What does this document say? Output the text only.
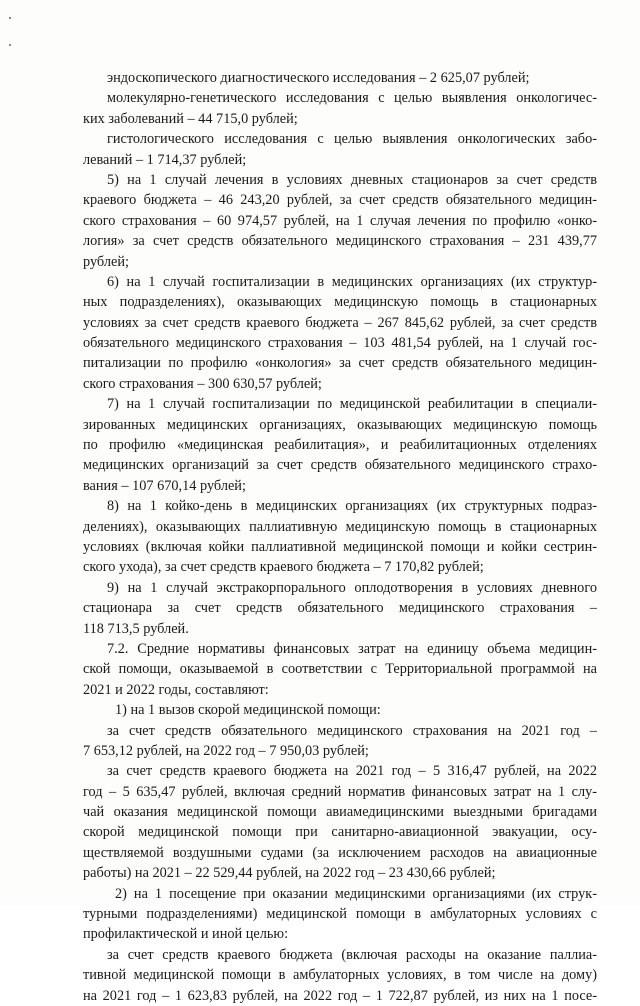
эндоскопического диагностического исследования – 2 625,07 рублей;
молекулярно-генетического исследования с целью выявления онкологичес-
ких заболеваний – 44 715,0 рублей;
гистологического исследования с целью выявления онкологических забо-
леваний – 1 714,37 рублей;
5) на 1 случай лечения в условиях дневных стационаров за счет средств
краевого бюджета – 46 243,20 рублей, за счет средств обязательного медицин-
ского страхования – 60 974,57 рублей, на 1 случая лечения по профилю «онко-
логия» за счет средств обязательного медицинского страхования – 231 439,77
рублей;
6) на 1 случай госпитализации в медицинских организациях (их структур-
ных подразделениях), оказывающих медицинскую помощь в стационарных
условиях за счет средств краевого бюджета – 267 845,62 рублей, за счет средств
обязательного медицинского страхования – 103 481,54 рублей, на 1 случай гос-
питализации по профилю «онкология» за счет средств обязательного медицин-
ского страхования – 300 630,57 рублей;
7) на 1 случай госпитализации по медицинской реабилитации в специали-
зированных медицинских организациях, оказывающих медицинскую помощь
по профилю «медицинская реабилитация», и реабилитационных отделениях
медицинских организаций за счет средств обязательного медицинского страхо-
вания – 107 670,14 рублей;
8) на 1 койко-день в медицинских организациях (их структурных подраз-
делениях), оказывающих паллиативную медицинскую помощь в стационарных
условиях (включая койки паллиативной медицинской помощи и койки сестрин-
ского ухода), за счет средств краевого бюджета – 7 170,82 рублей;
9) на 1 случай экстракорпорального оплодотворения в условиях дневного
стационара за счет средств обязательного медицинского страхования –
118 713,5 рублей.
7.2. Средние нормативы финансовых затрат на единицу объема медицин-
ской помощи, оказываемой в соответствии с Территориальной программой на
2021 и 2022 годы, составляют:
1) на 1 вызов скорой медицинской помощи:
за счет средств обязательного медицинского страхования на 2021 год –
7 653,12 рублей, на 2022 год – 7 950,03 рублей;
за счет средств краевого бюджета на 2021 год – 5 316,47 рублей, на 2022
год – 5 635,47 рублей, включая средний норматив финансовых затрат на 1 слу-
чай оказания медицинской помощи авиамедицинскими выездными бригадами
скорой медицинской помощи при санитарно-авиационной эвакуации, осу-
ществляемой воздушными судами (за исключением расходов на авиационные
работы) на 2021 – 22 529,44 рублей, на 2022 год – 23 430,66 рублей;
2) на 1 посещение при оказании медицинскими организациями (их струк-
турными подразделениями) медицинской помощи в амбулаторных условиях с
профилактической и иной целью:
за счет средств краевого бюджета (включая расходы на оказание паллиа-
тивной медицинской помощи в амбулаторных условиях, в том числе на дому)
на 2021 год – 1 623,83 рублей, на 2022 год – 1 722,87 рублей, из них на 1 посе-
